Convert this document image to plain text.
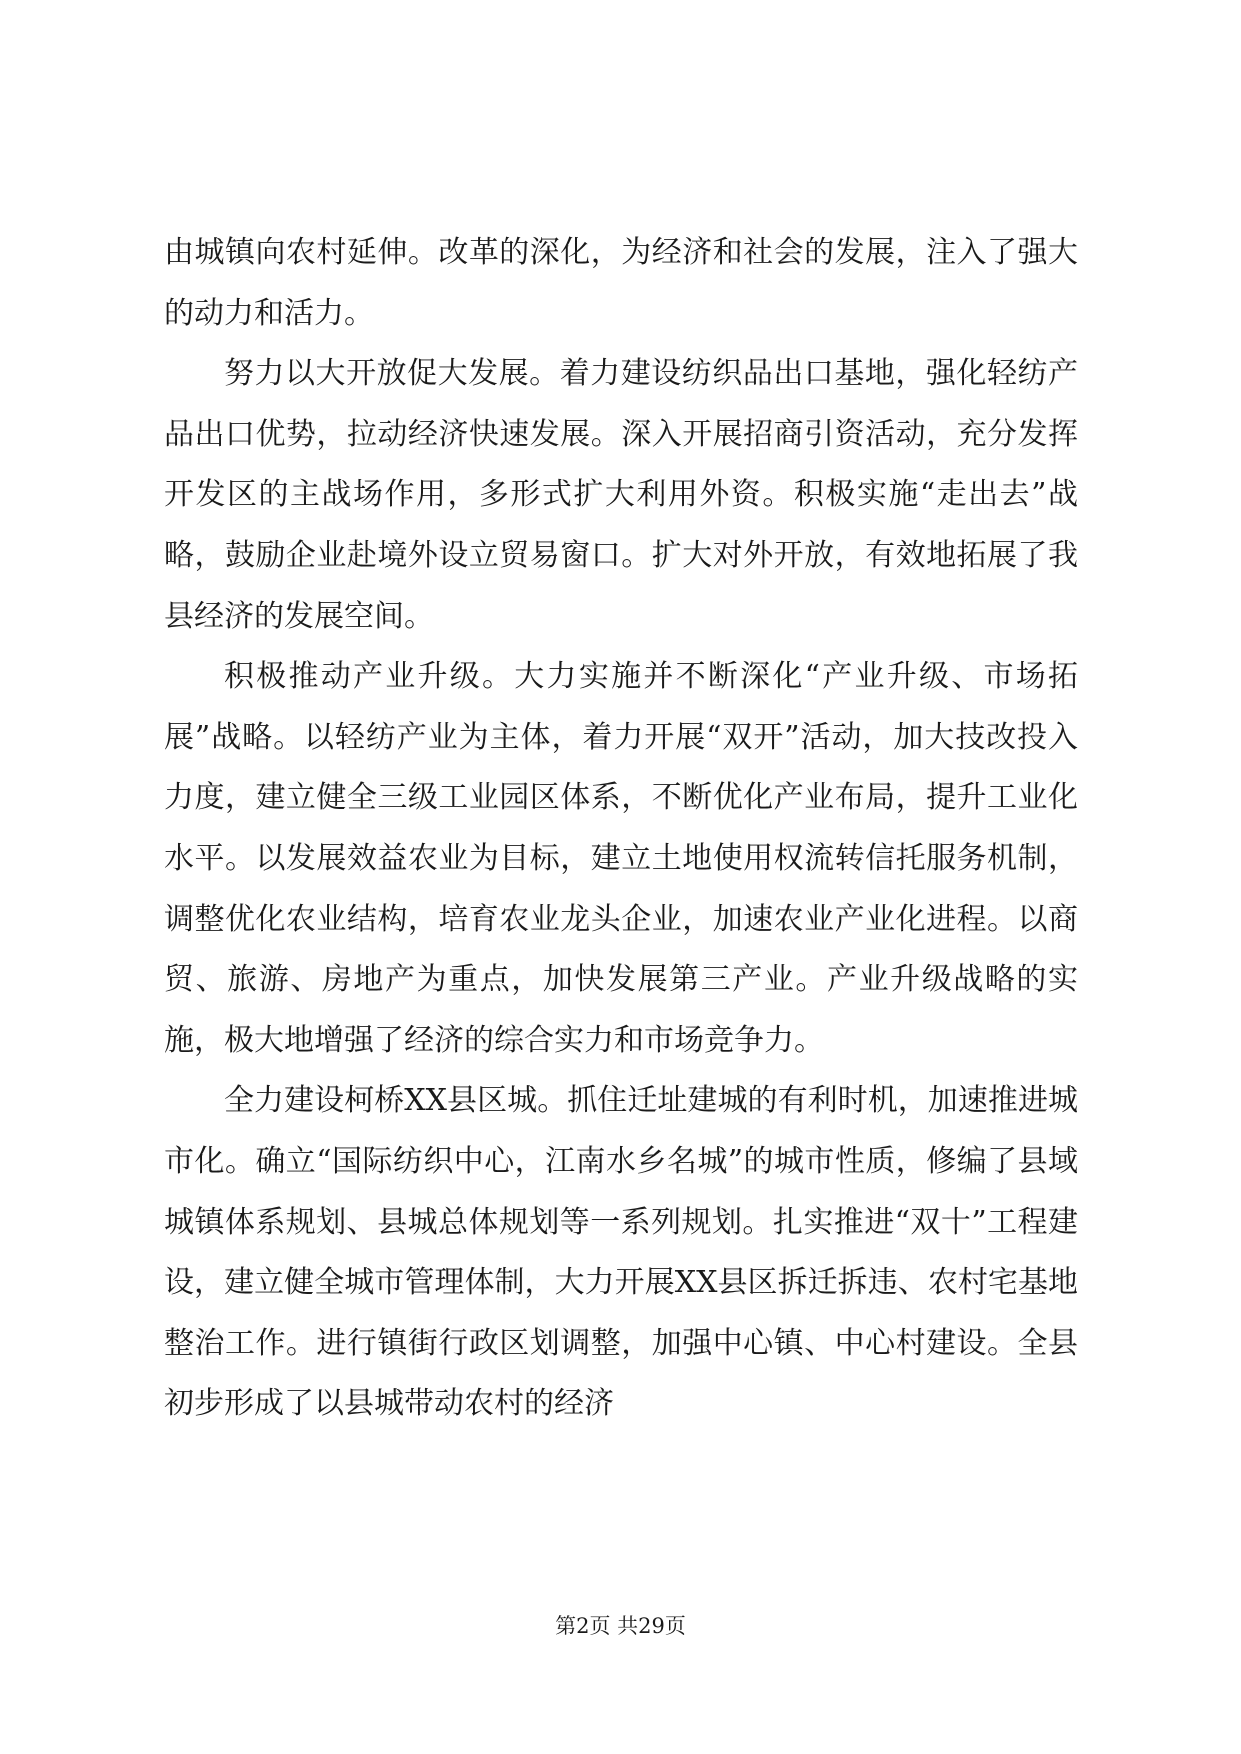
由城镇向农村延伸。改革的深化，为经济和社会的发展，注入了强大的动力和活力。

努力以大开放促大发展。着力建设纺织品出口基地，强化轻纺产品出口优势，拉动经济快速发展。深入开展招商引资活动，充分发挥开发区的主战场作用，多形式扩大利用外资。积极实施“走出去”战略，鼓励企业赴境外设立贸易窗口。扩大对外开放，有效地拓展了我县经济的发展空间。

积极推动产业升级。大力实施并不断深化“产业升级、市场拓展”战略。以轻纺产业为主体，着力开展“双开”活动，加大技改投入力度，建立健全三级工业园区体系，不断优化产业布局，提升工业化水平。以发展效益农业为目标，建立土地使用权流转信托服务机制，调整优化农业结构，培育农业龙头企业，加速农业产业化进程。以商贸、旅游、房地产为重点，加快发展第三产业。产业升级战略的实施，极大地增强了经济的综合实力和市场竞争力。

全力建设柯桥XX县区城。抓住迁址建城的有利时机，加速推进城市化。确立“国际纺织中心，江南水乡名城”的城市性质，修编了县域城镇体系规划、县城总体规划等一系列规划。扎实推进“双十”工程建设，建立健全城市管理体制，大力开展XX县区拆迁拆违、农村宅基地整治工作。进行镇街行政区划调整，加强中心镇、中心村建设。全县初步形成了以县城带动农村的经济

第2页 共29页
